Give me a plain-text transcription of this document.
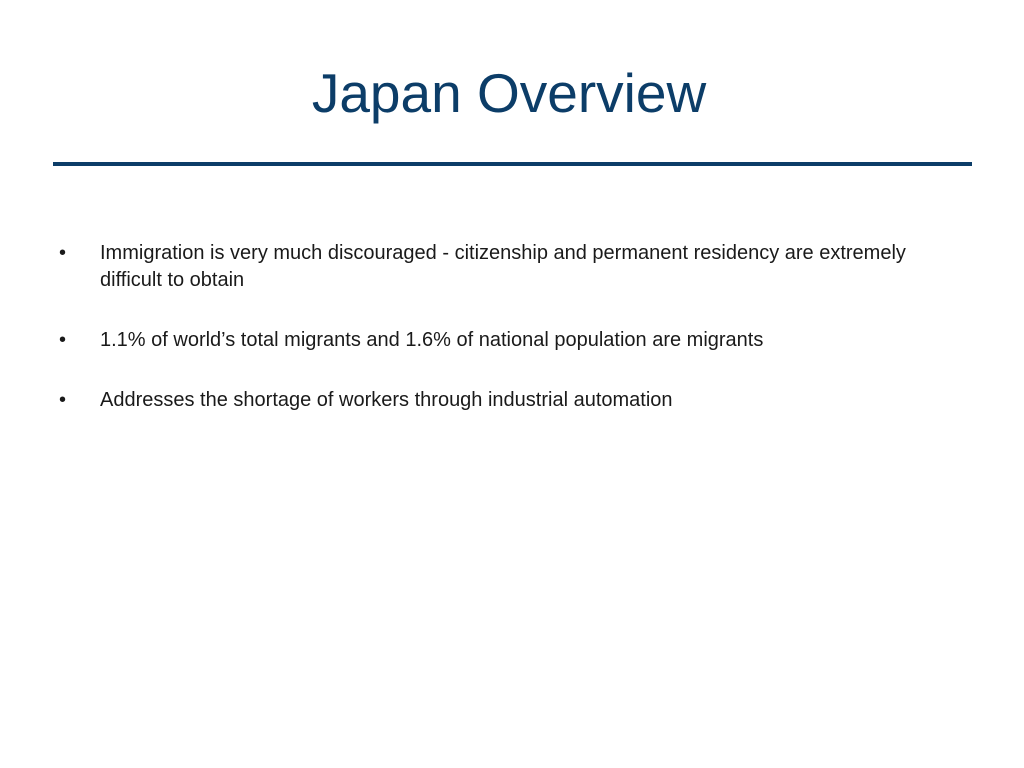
Japan Overview
•	Immigration is very much discouraged - citizenship and permanent residency are extremely difficult to obtain
•	1.1% of world’s total migrants and 1.6% of national population are migrants
•	Addresses the shortage of workers through industrial automation
